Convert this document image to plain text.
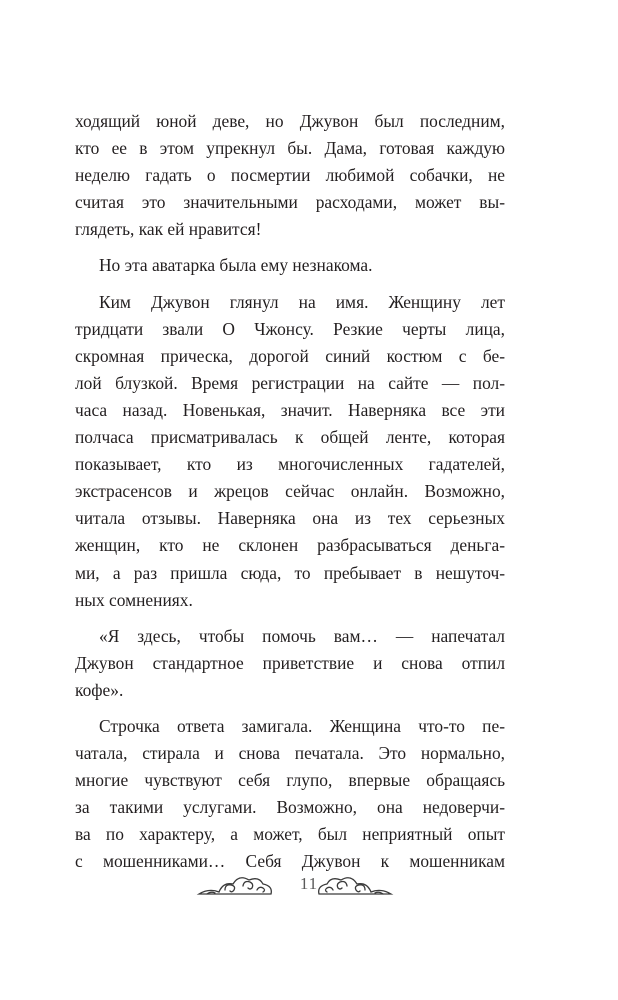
ходящий юной деве, но Джувон был последним,
кто ее в этом упрекнул бы. Дама, готовая каждую
неделю гадать о посмертии любимой собачки, не
считая это значительными расходами, может вы-
глядеть, как ей нравится!
Но эта аватарка была ему незнакома.
Ким Джувон глянул на имя. Женщину лет
тридцати звали О Чжонсу. Резкие черты лица,
скромная прическа, дорогой синий костюм с бе-
лой блузкой. Время регистрации на сайте — пол-
часа назад. Новенькая, значит. Наверняка все эти
полчаса присматривалась к общей ленте, которая
показывает, кто из многочисленных гадателей,
экстрасенсов и жрецов сейчас онлайн. Возможно,
читала отзывы. Наверняка она из тех серьезных
женщин, кто не склонен разбрасываться деньга-
ми, а раз пришла сюда, то пребывает в нешуточ-
ных сомнениях.
«Я здесь, чтобы помочь вам… — напечатал
Джувон стандартное приветствие и снова отпил
кофе».
Строчка ответа замигала. Женщина что-то пе-
чатала, стирала и снова печатала. Это нормально,
многие чувствуют себя глупо, впервые обращаясь
за такими услугами. Возможно, она недоверчи-
ва по характеру, а может, был неприятный опыт
с мошенниками… Себя Джувон к мошенникам
11
